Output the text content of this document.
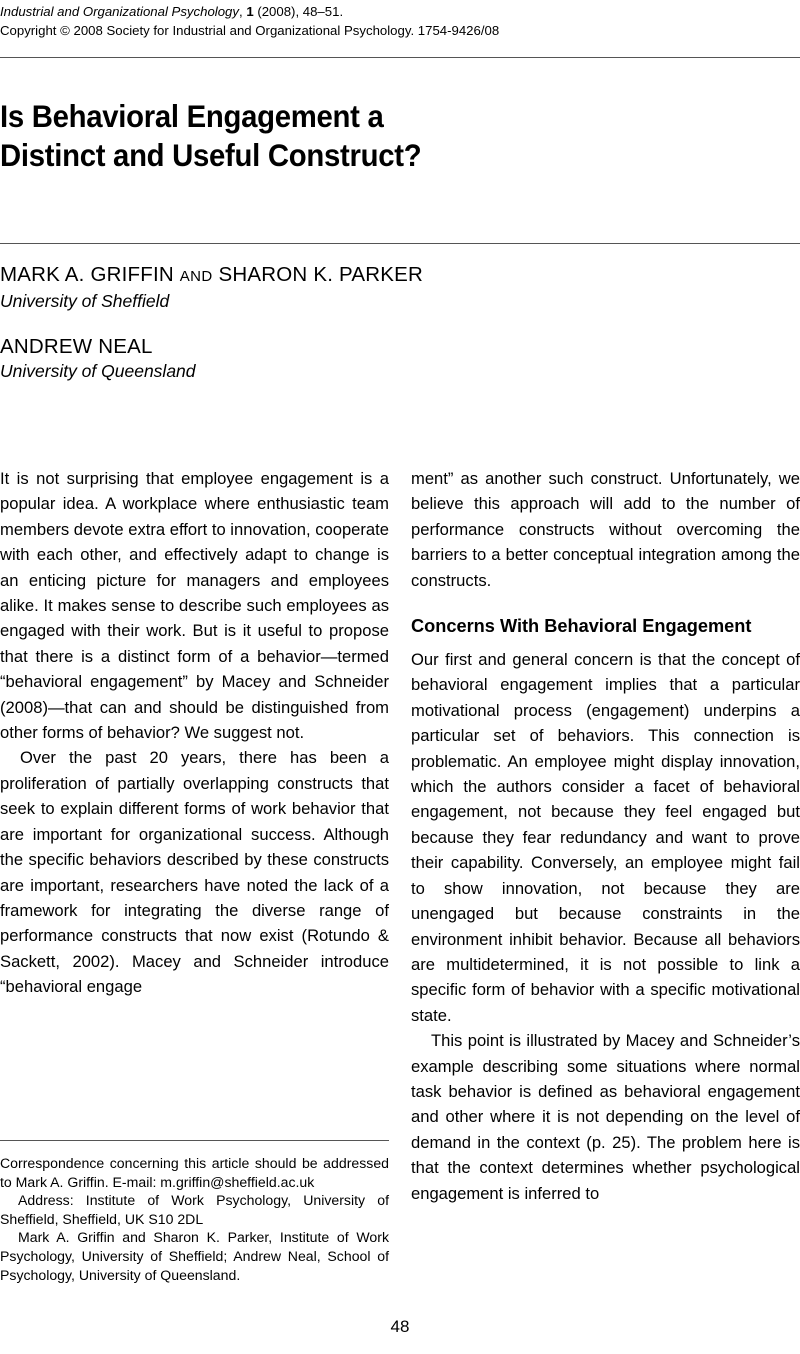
Industrial and Organizational Psychology, 1 (2008), 48–51.
Copyright © 2008 Society for Industrial and Organizational Psychology. 1754-9426/08
Is Behavioral Engagement a
Distinct and Useful Construct?
MARK A. GRIFFIN AND SHARON K. PARKER
University of Sheffield
ANDREW NEAL
University of Queensland

It is not surprising that employee engagement is a popular idea. A workplace where enthusiastic team members devote extra effort to innovation, cooperate with each other, and effectively adapt to change is an enticing picture for managers and employees alike. It makes sense to describe such employees as engaged with their work. But is it useful to propose that there is a distinct form of a behavior—termed “behavioral engagement” by Macey and Schneider (2008)—that can and should be distinguished from other forms of behavior? We suggest not.

Over the past 20 years, there has been a proliferation of partially overlapping constructs that seek to explain different forms of work behavior that are important for organizational success. Although the specific behaviors described by these constructs are important, researchers have noted the lack of a framework for integrating the diverse range of performance constructs that now exist (Rotundo & Sackett, 2002). Macey and Schneider introduce “behavioral engage

ment” as another such construct. Unfortunately, we believe this approach will add to the number of performance constructs without overcoming the barriers to a better conceptual integration among the constructs.

Concerns With Behavioral Engagement

Our first and general concern is that the concept of behavioral engagement implies that a particular motivational process (engagement) underpins a particular set of behaviors. This connection is problematic. An employee might display innovation, which the authors consider a facet of behavioral engagement, not because they feel engaged but because they fear redundancy and want to prove their capability. Conversely, an employee might fail to show innovation, not because they are unengaged but because constraints in the environment inhibit behavior. Because all behaviors are multidetermined, it is not possible to link a specific form of behavior with a specific motivational state.

This point is illustrated by Macey and Schneider’s example describing some situations where normal task behavior is defined as behavioral engagement and other where it is not depending on the level of demand in the context (p. 25). The problem here is that the context determines whether psychological engagement is inferred to

Correspondence concerning this article should be addressed to Mark A. Griffin. E-mail: m.griffin@sheffield.ac.uk

Address: Institute of Work Psychology, University of Sheffield, Sheffield, UK S10 2DL

Mark A. Griffin and Sharon K. Parker, Institute of Work Psychology, University of Sheffield; Andrew Neal, School of Psychology, University of Queensland.

48
